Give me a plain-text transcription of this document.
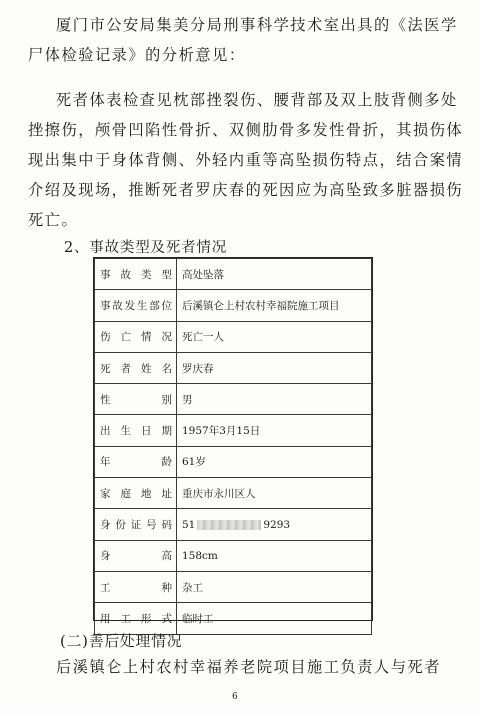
厦门市公安局集美分局刑事科学技术室出具的《法医学
尸体检验记录》的分析意见：
死者体表检查见枕部挫裂伤、腰背部及双上肢背侧多处
挫擦伤，颅骨凹陷性骨折、双侧肋骨多发性骨折，其损伤体
现出集中于身体背侧、外轻内重等高坠损伤特点，结合案情
介绍及现场，推断死者罗庆春的死因应为高坠致多脏器损伤
死亡。
2、事故类型及死者情况
事故类型	高处坠落
事故发生部位	后溪镇仑上村农村幸福院施工项目
伤亡情况	死亡一人
死者姓名	罗庆春
性别	男
出生日期	1957年3月15日
年龄	61岁
家庭地址	重庆市永川区人
身份证号码	51 9293
身高	158cm
工种	杂工
用工形式	临时工
(二)善后处理情况
后溪镇仑上村农村幸福养老院项目施工负责人与死者
6
